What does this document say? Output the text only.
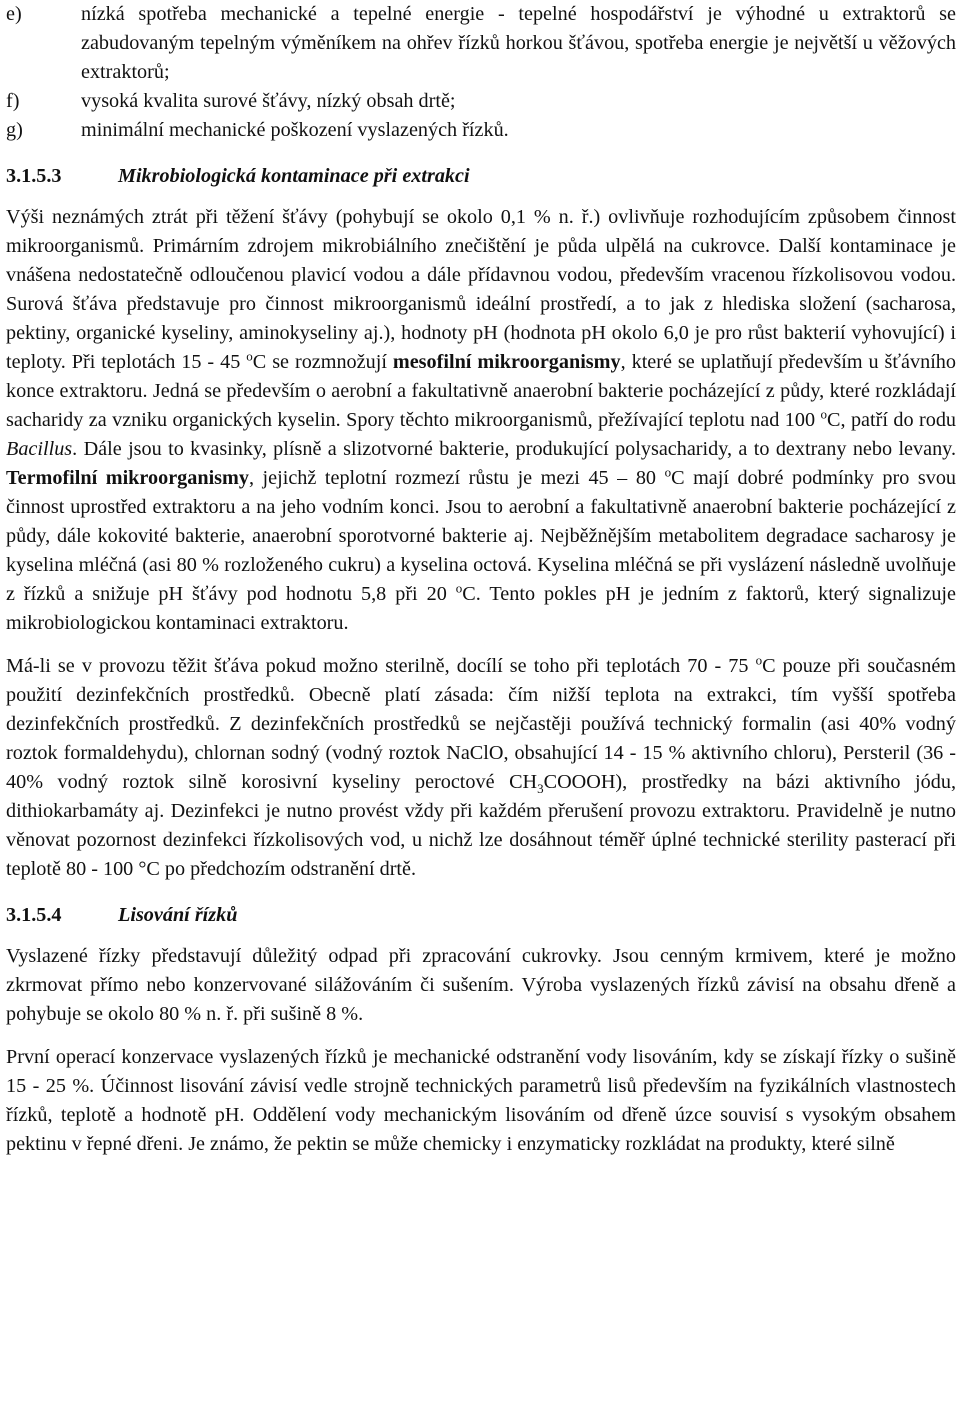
e)	nízká spotřeba mechanické a tepelné energie - tepelné hospodářství je výhodné u extraktorů se zabudovaným tepelným výměníkem na ohřev řízků horkou šťávou, spotřeba energie je největší u věžových extraktorů;
f)	vysoká kvalita surové šťávy, nízký obsah drtě;
g)	minimální mechanické poškození vyslazených řízků.
3.1.5.3	Mikrobiologická kontaminace při extrakci
Výši neznámých ztrát při těžení šťávy (pohybují se okolo 0,1 % n. ř.) ovlivňuje rozhodujícím způsobem činnost mikroorganismů. Primárním zdrojem mikrobiálního znečištění je půda ulpělá na cukrovce. Další kontaminace je vnášena nedostatečně odloučenou plavicí vodou a dále přídavnou vodou, především vracenou řízkolisovou vodou. Surová šťáva představuje pro činnost mikroorganismů ideální prostředí, a to jak z hlediska složení (sacharosa, pektiny, organické kyseliny, aminokyseliny aj.), hodnoty pH (hodnota pH okolo 6,0 je pro růst bakterií vyhovující) i teploty. Při teplotách 15 - 45 $^o$C se rozmnožují mesofilní mikroorganismy, které se uplatňují především u šťávního konce extraktoru. Jedná se především o aerobní a fakultativně anaerobní bakterie pocházející z půdy, které rozkládají sacharidy za vzniku organických kyselin. Spory těchto mikroorganismů, přežívající teplotu nad 100 $^o$C, patří do rodu Bacillus. Dále jsou to kvasinky, plísně a slizotvorné bakterie, produkující polysacharidy, a to dextrany nebo levany. Termofilní mikroorganismy, jejichž teplotní rozmezí růstu je mezi 45 – 80 $^o$C mají dobré podmínky pro svou činnost uprostřed extraktoru a na jeho vodním konci. Jsou to aerobní a fakultativně anaerobní bakterie pocházející z půdy, dále kokovité bakterie, anaerobní sporotvorné bakterie aj. Nejběžnějším metabolitem degradace sacharosy je kyselina mléčná (asi 80 % rozloženého cukru) a kyselina octová. Kyselina mléčná se při vyslázení následně uvolňuje z řízků a snižuje pH šťávy pod hodnotu 5,8 při 20 $^o$C. Tento pokles pH je jedním z faktorů, který signalizuje mikrobiologickou kontaminaci extraktoru.
Má-li se v provozu těžit šťáva pokud možno sterilně, docílí se toho při teplotách 70 - 75 $^o$C pouze při současném použití dezinfekčních prostředků. Obecně platí zásada: čím nižší teplota na extrakci, tím vyšší spotřeba dezinfekčních prostředků. Z dezinfekčních prostředků se nejčastěji používá technický formalin (asi 40% vodný roztok formaldehydu), chlornan sodný (vodný roztok NaClO, obsahující 14 - 15 % aktivního chloru), Persteril (36 - 40% vodný roztok silně korosivní kyseliny peroctové $CH_3COOOH$), prostředky na bázi aktivního jódu, dithiokarbamáty aj. Dezinfekci je nutno provést vždy při každém přerušení provozu extraktoru. Pravidelně je nutno věnovat pozornost dezinfekci řízkolisových vod, u nichž lze dosáhnout téměř úplné technické sterility pasterací při teplotě 80 - 100 °C po předchozím odstranění drtě.
3.1.5.4	Lisování řízků
Vyslazené řízky představují důležitý odpad při zpracování cukrovky. Jsou cenným krmivem, které je možno zkrmovat přímo nebo konzervované silážováním či sušením. Výroba vyslazených řízků závisí na obsahu dřeně a pohybuje se okolo 80 % n. ř. při sušině 8 %.
První operací konzervace vyslazených řízků je mechanické odstranění vody lisováním, kdy se získají řízky o sušině 15 - 25 %. Účinnost lisování závisí vedle strojně technických parametrů lisů především na fyzikálních vlastnostech řízků, teplotě a hodnotě pH. Oddělení vody mechanickým lisováním od dřeně úzce souvisí s vysokým obsahem pektinu v řepné dřeni. Je známo, že pektin se může chemicky i enzymaticky rozkládat na produkty, které silně
